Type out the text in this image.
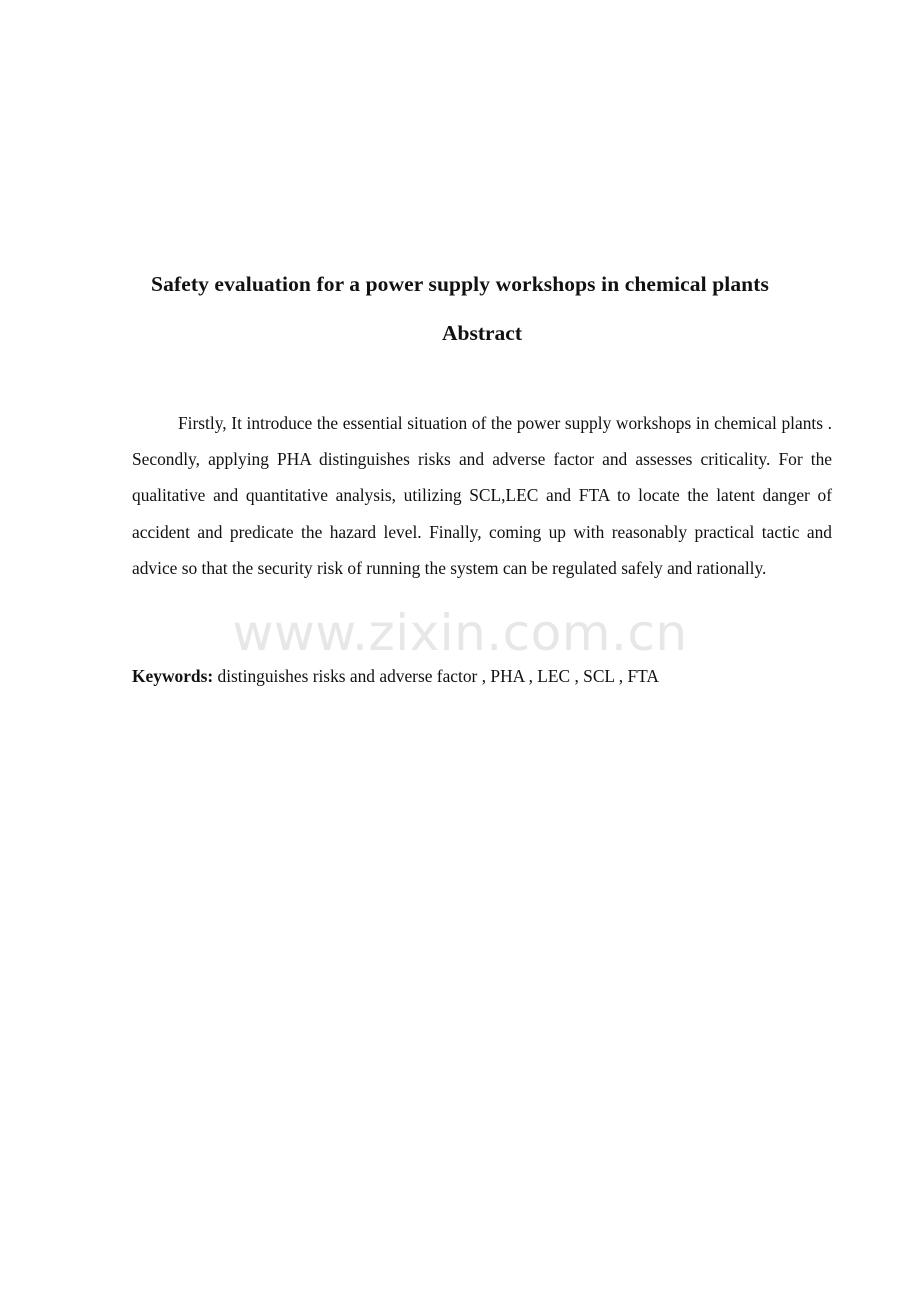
Safety evaluation for a power supply workshops in chemical plants
Abstract

Firstly, It introduce the essential situation of the power supply workshops in chemical plants . Secondly, applying PHA distinguishes risks and adverse factor and assesses criticality. For the qualitative and quantitative analysis, utilizing SCL,LEC and FTA to locate the latent danger of accident and predicate the hazard level. Finally, coming up with reasonably practical tactic and advice so that the security risk of running the system can be regulated safely and rationally.

www.zixin.com.cn

Keywords: distinguishes risks and adverse factor , PHA , LEC , SCL , FTA
